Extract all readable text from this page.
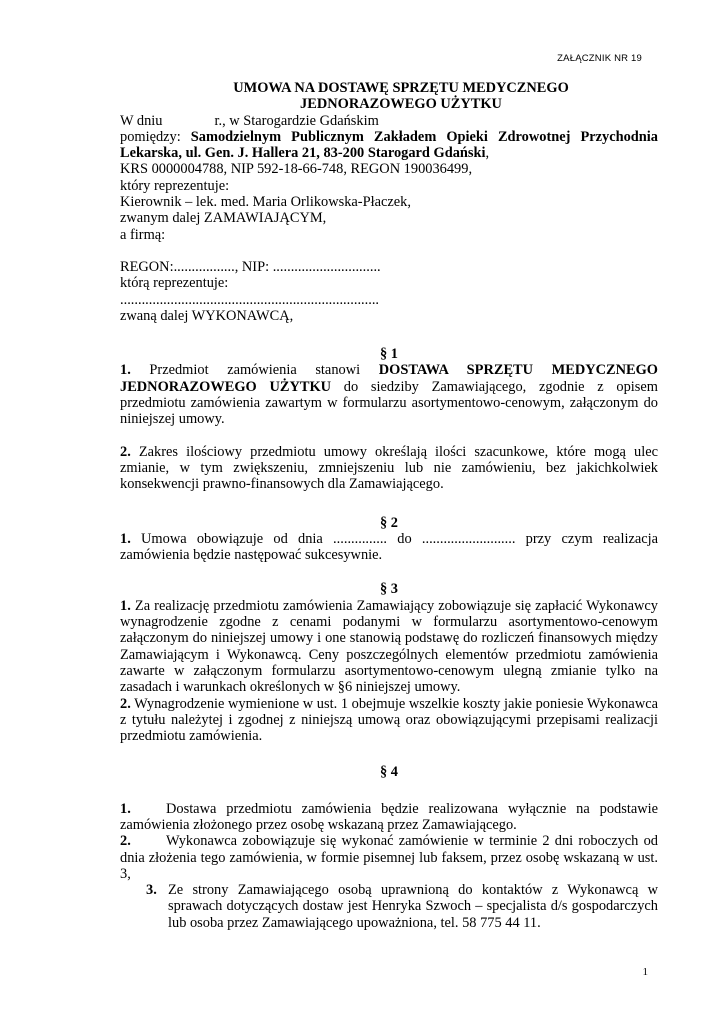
ZAŁĄCZNIK NR 19
UMOWA NA DOSTAWĘ SPRZĘTU MEDYCZNEGO
JEDNORAZOWEGO UŻYTKU
W dniu	r., w Starogardzie Gdańskim
pomiędzy: Samodzielnym Publicznym Zakładem Opieki Zdrowotnej Przychodnia Lekarska, ul. Gen. J. Hallera 21, 83-200 Starogard Gdański,
KRS 0000004788, NIP 592-18-66-748, REGON 190036499,
który reprezentuje:
Kierownik – lek. med. Maria Orlikowska-Płaczek,
zwanym dalej ZAMAWIAJĄCYM,
a firmą:
REGON:................., NIP: ..............................
którą reprezentuje:
........................................................................
zwaną dalej WYKONAWCĄ,
§ 1
1. Przedmiot zamówienia stanowi DOSTAWA SPRZĘTU MEDYCZNEGO JEDNORAZOWEGO UŻYTKU do siedziby Zamawiającego, zgodnie z opisem przedmiotu zamówienia zawartym w formularzu asortymentowo-cenowym, załączonym do niniejszej umowy.
2. Zakres ilościowy przedmiotu umowy określają ilości szacunkowe, które mogą ulec zmianie, w tym zwiększeniu, zmniejszeniu lub nie zamówieniu, bez jakichkolwiek konsekwencji prawno-finansowych dla Zamawiającego.
§ 2
1. Umowa obowiązuje od dnia ............... do .......................... przy czym realizacja zamówienia będzie następować sukcesywnie.
§ 3
1. Za realizację przedmiotu zamówienia Zamawiający zobowiązuje się zapłacić Wykonawcy wynagrodzenie zgodne z cenami podanymi w formularzu asortymentowo-cenowym załączonym do niniejszej umowy i one stanowią podstawę do rozliczeń finansowych między Zamawiającym i Wykonawcą. Ceny poszczególnych elementów przedmiotu zamówienia zawarte w załączonym formularzu asortymentowo-cenowym ulegną zmianie tylko na zasadach i warunkach określonych w §6 niniejszej umowy.
2. Wynagrodzenie wymienione w ust. 1 obejmuje wszelkie koszty jakie poniesie Wykonawca z tytułu należytej i zgodnej z niniejszą umową oraz obowiązującymi przepisami realizacji przedmiotu zamówienia.
§ 4
1. Dostawa przedmiotu zamówienia będzie realizowana wyłącznie na podstawie zamówienia złożonego przez osobę wskazaną przez Zamawiającego.
2. Wykonawca zobowiązuje się wykonać zamówienie w terminie 2 dni roboczych od dnia złożenia tego zamówienia, w formie pisemnej lub faksem, przez osobę wskazaną w ust. 3,
3. Ze strony Zamawiającego osobą uprawnioną do kontaktów z Wykonawcą w sprawach dotyczących dostaw jest Henryka Szwoch – specjalista d/s gospodarczych lub osoba przez Zamawiającego upoważniona, tel. 58 775 44 11.
1
